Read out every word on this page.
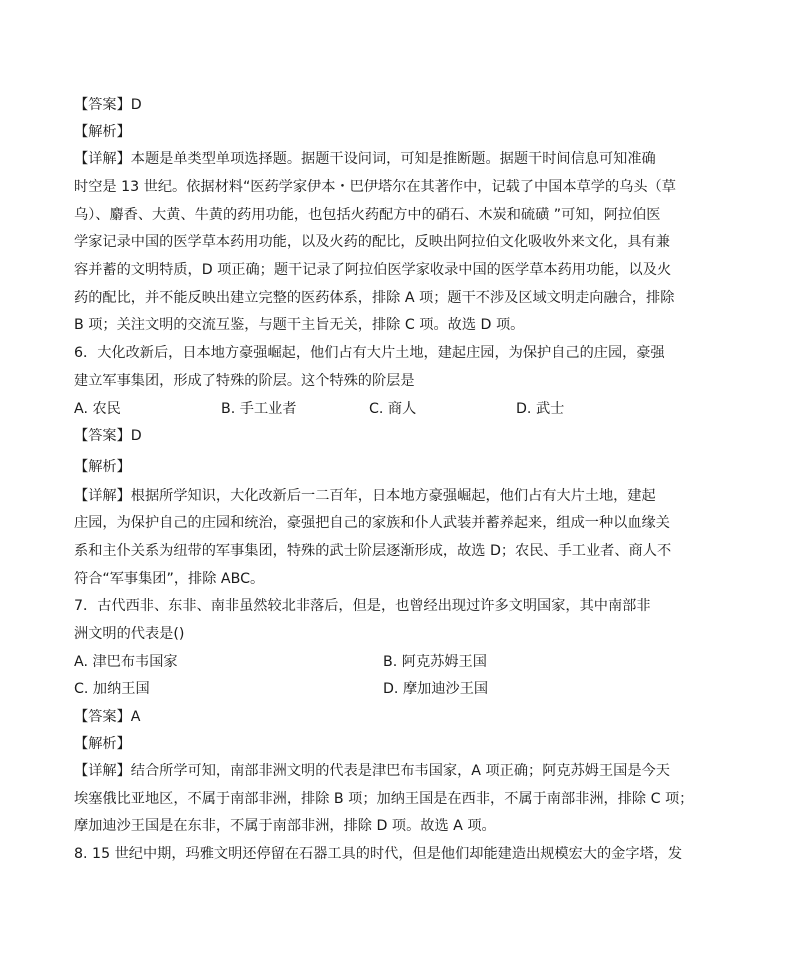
【答案】D
【解析】
【详解】本题是单类型单项选择题。据题干设问词，可知是推断题。据题干时间信息可知准确
时空是 13 世纪。依据材料“医药学家伊本・巴伊塔尔在其著作中，记载了中国本草学的乌头（草
乌）、麝香、大黄、牛黄的药用功能，也包括火药配方中的硝石、木炭和硫磺 ”可知，阿拉伯医
学家记录中国的医学草本药用功能，以及火药的配比，反映出阿拉伯文化吸收外来文化，具有兼
容并蓄的文明特质，D 项正确；题干记录了阿拉伯医学家收录中国的医学草本药用功能，以及火
药的配比，并不能反映出建立完整的医药体系，排除 A 项；题干不涉及区域文明走向融合，排除
B 项；关注文明的交流互鉴，与题干主旨无关，排除 C 项。故选 D 项。
6．大化改新后，日本地方豪强崛起，他们占有大片土地，建起庄园，为保护自己的庄园，豪强
建立军事集团，形成了特殊的阶层。这个特殊的阶层是
A. 农民	B. 手工业者	C. 商人	D. 武士
【答案】D
【解析】
【详解】根据所学知识，大化改新后一二百年，日本地方豪强崛起，他们占有大片土地，建起
庄园，为保护自己的庄园和统治，豪强把自己的家族和仆人武装并蓄养起来，组成一种以血缘关
系和主仆关系为纽带的军事集团，特殊的武士阶层逐渐形成，故选 D；农民、手工业者、商人不
符合“军事集团”，排除 ABC。
7．古代西非、东非、南非虽然较北非落后，但是，也曾经出现过许多文明国家，其中南部非
洲文明的代表是()
A. 津巴布韦国家	B. 阿克苏姆王国
C. 加纳王国	D. 摩加迪沙王国
【答案】A
【解析】
【详解】结合所学可知，南部非洲文明的代表是津巴布韦国家，A 项正确；阿克苏姆王国是今天
埃塞俄比亚地区，不属于南部非洲，排除 B 项；加纳王国是在西非，不属于南部非洲，排除 C 项；
摩加迪沙王国是在东非，不属于南部非洲，排除 D 项。故选 A 项。
8. 15 世纪中期，玛雅文明还停留在石器工具的时代，但是他们却能建造出规模宏大的金字塔，发
